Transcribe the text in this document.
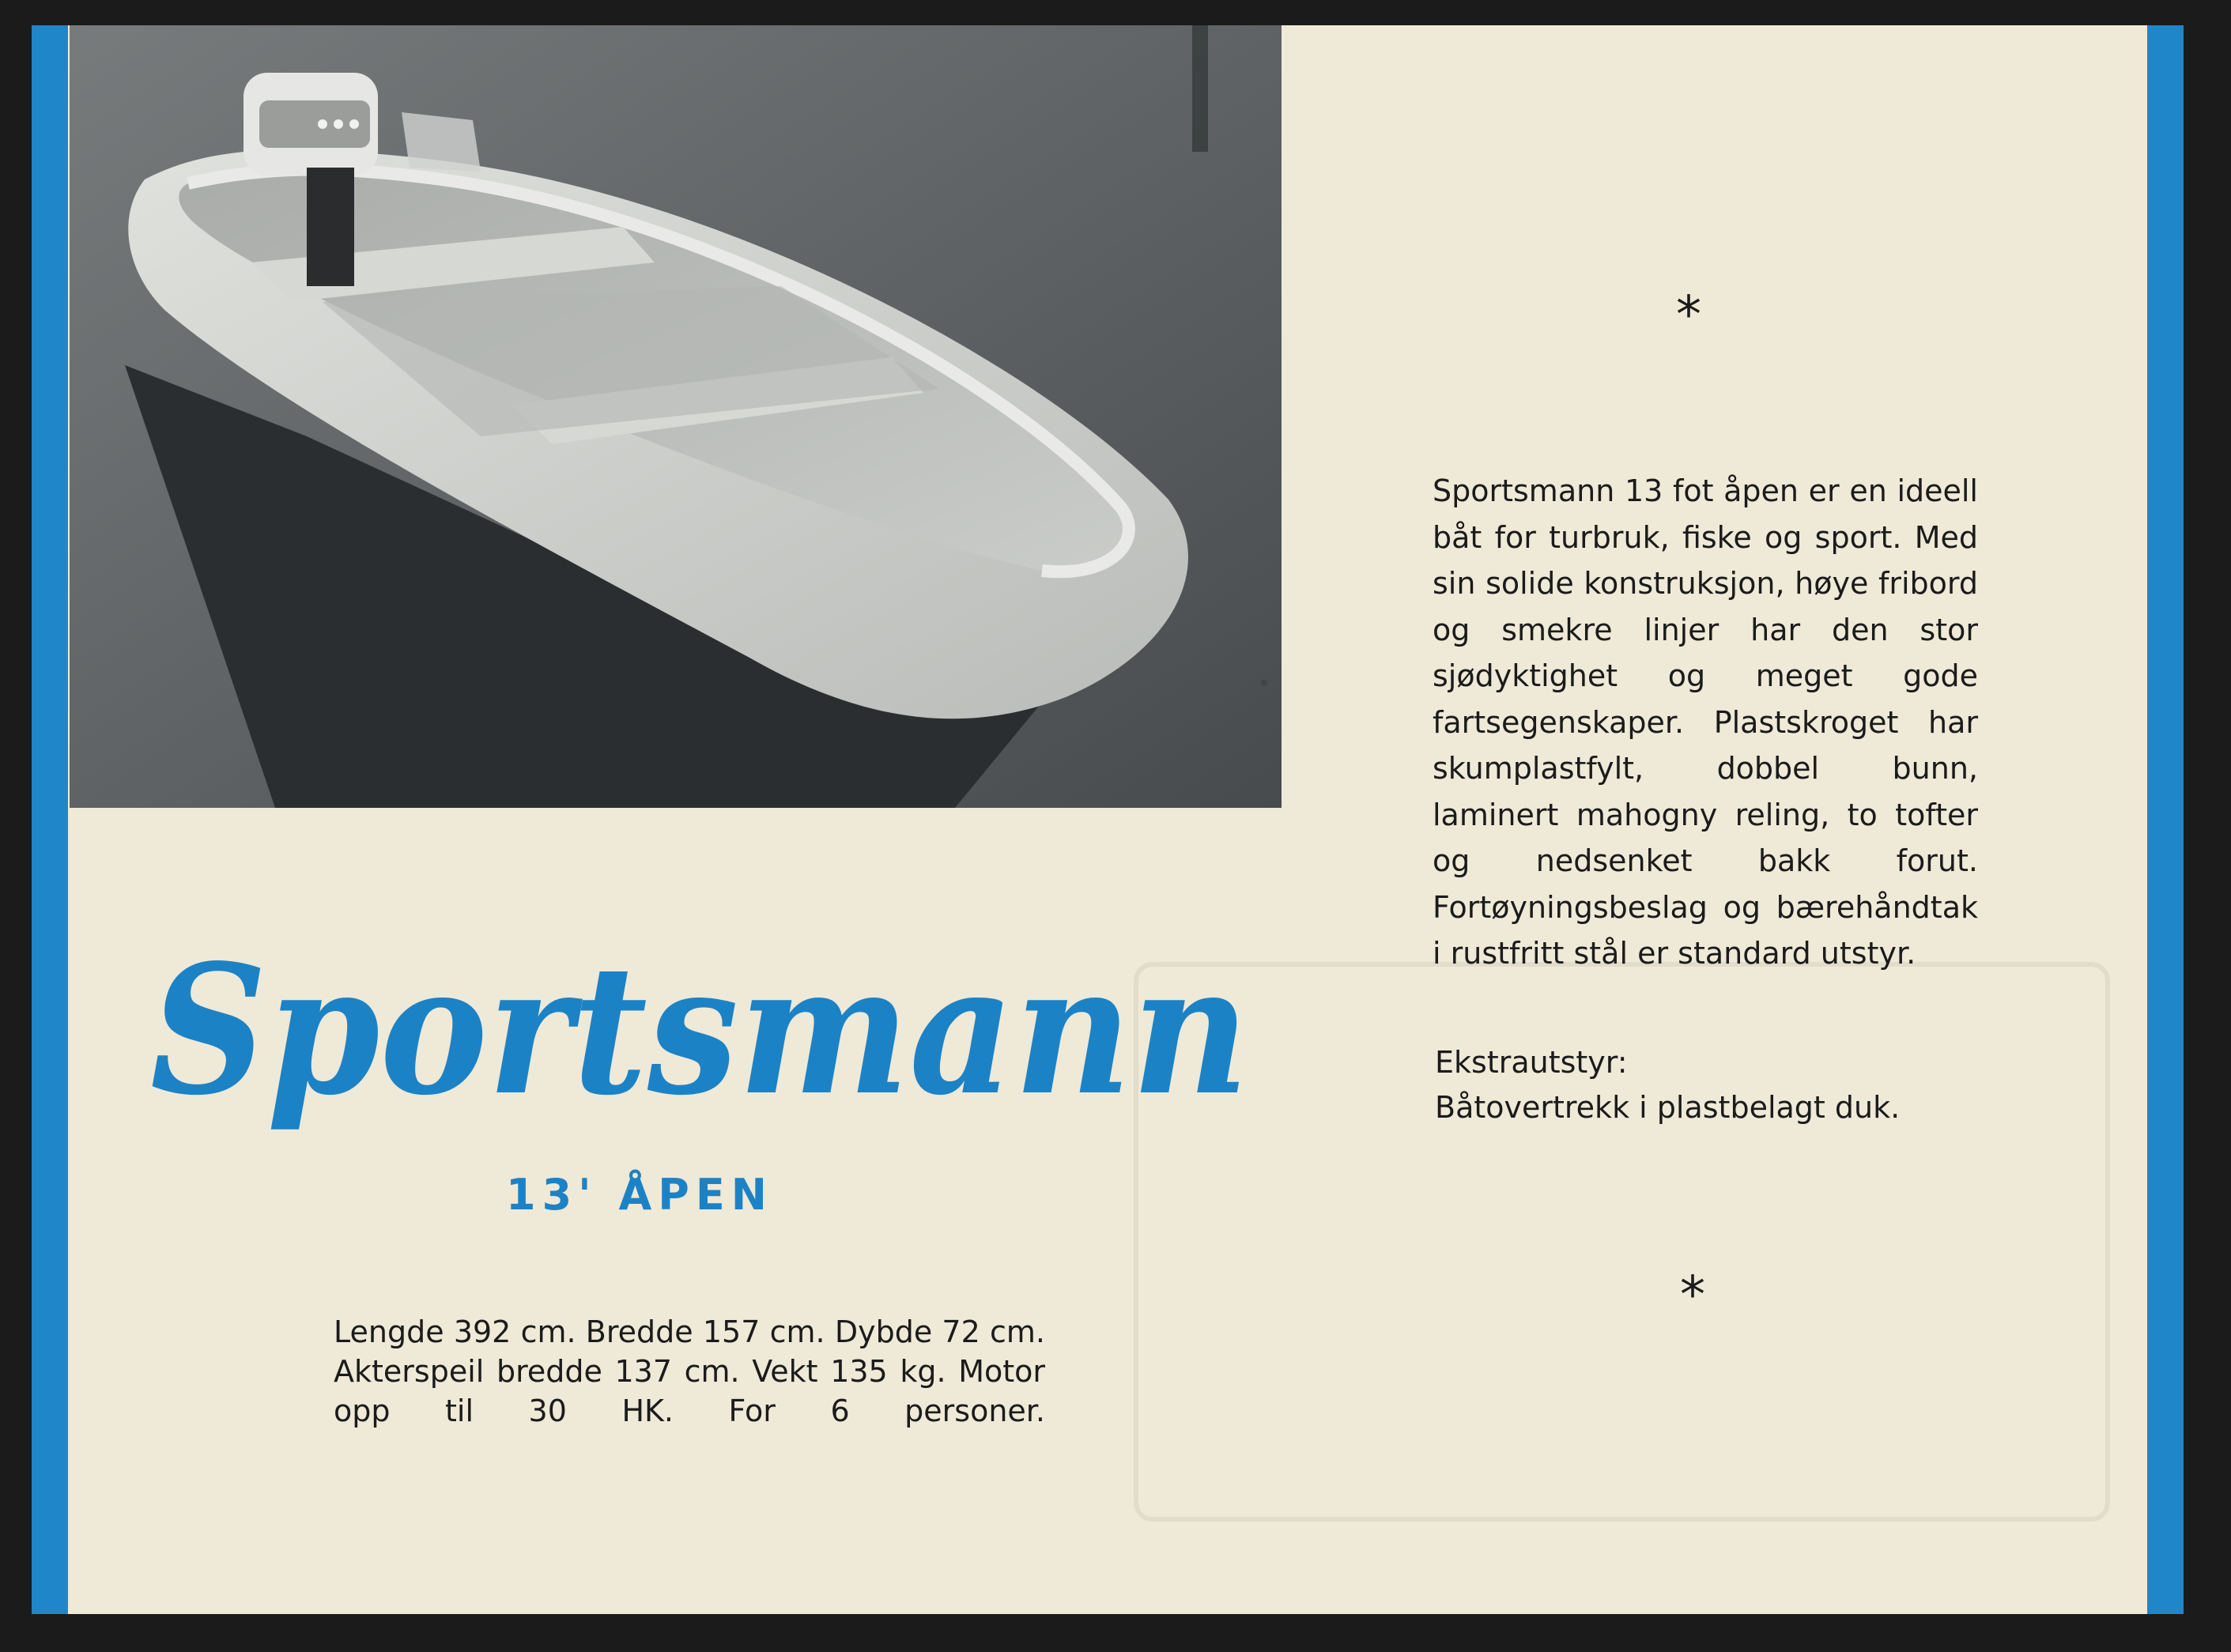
Sportsmann
13' ÅPEN
Lengde 392 cm. Bredde 157 cm. Dybde 72 cm. Akterspeil bredde 137 cm. Vekt 135 kg. Motor opp til 30 HK. For 6 personer.
*
Sportsmann 13 fot åpen er en ideell båt for turbruk, fiske og sport. Med sin solide konstruksjon, høye fribord og smekre linjer har den stor sjødyktighet og meget gode fartsegenskaper. Plastskroget har skumplastfylt, dobbel bunn, laminert mahogny reling, to tofter og nedsenket bakk forut. Fortøyningsbeslag og bærehåndtak i rustfritt stål er standard utstyr.
Ekstrautstyr:
Båtovertrekk i plastbelagt duk.
*
